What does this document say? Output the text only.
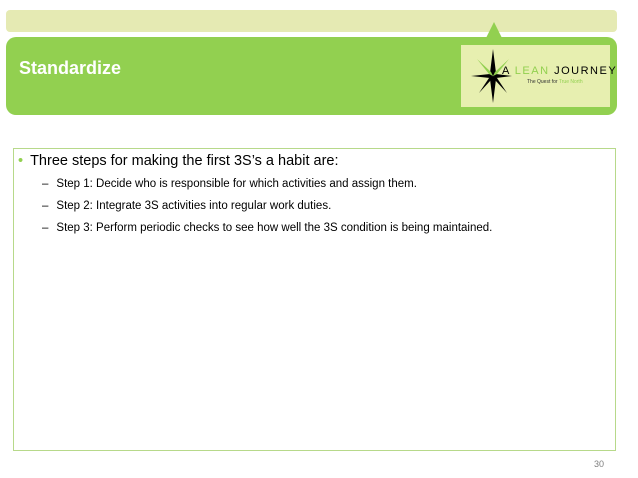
Standardize	A LEAN JOURNEY
The Quest for True North
• Three steps for making the first 3S’s a habit are:
– Step 1: Decide who is responsible for which activities and assign them.
– Step 2: Integrate 3S activities into regular work duties.
– Step 3: Perform periodic checks to see how well the 3S condition is being maintained.
30
